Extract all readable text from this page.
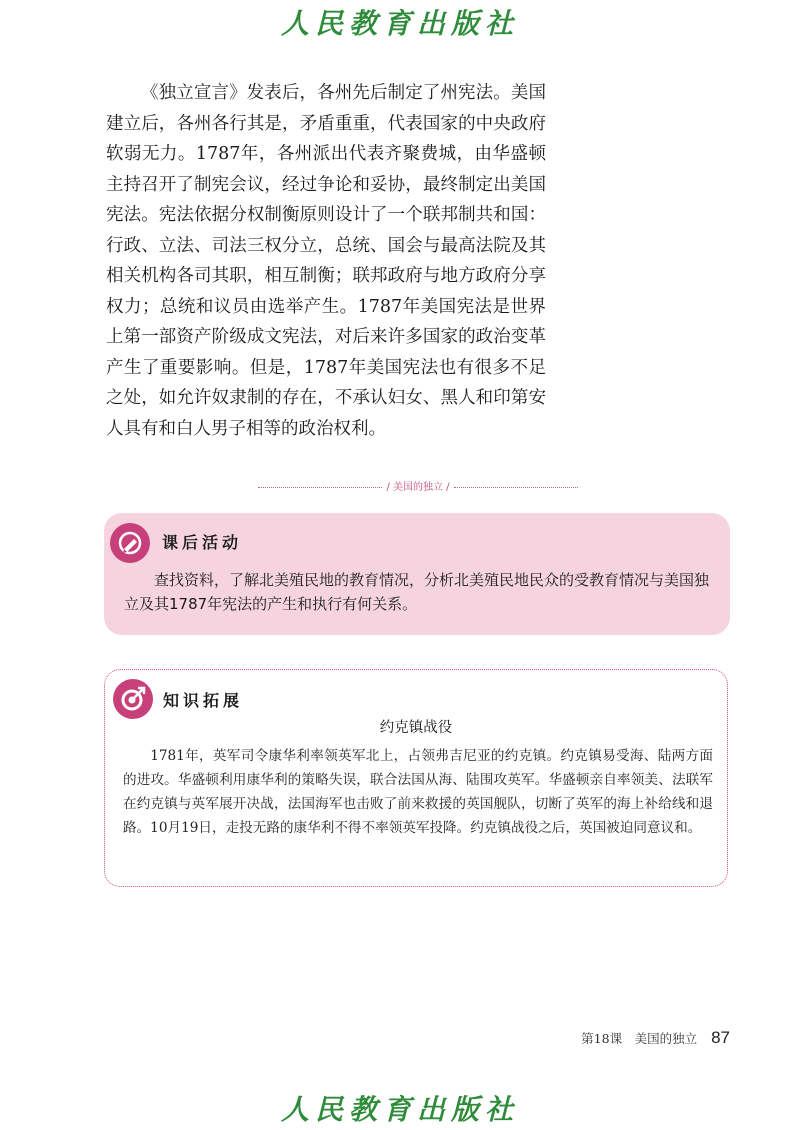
人民教育出版社

《独立宣言》发表后，各州先后制定了州宪法。美国建立后，各州各行其是，矛盾重重，代表国家的中央政府软弱无力。1787年，各州派出代表齐聚费城，由华盛顿主持召开了制宪会议，经过争论和妥协，最终制定出美国宪法。宪法依据分权制衡原则设计了一个联邦制共和国：行政、立法、司法三权分立，总统、国会与最高法院及其相关机构各司其职，相互制衡；联邦政府与地方政府分享权力；总统和议员由选举产生。1787年美国宪法是世界上第一部资产阶级成文宪法，对后来许多国家的政治变革产生了重要影响。但是，1787年美国宪法也有很多不足之处，如允许奴隶制的存在，不承认妇女、黑人和印第安人具有和白人男子相等的政治权利。

/ 美国的独立 /
课后活动

查找资料，了解北美殖民地的教育情况，分析北美殖民地民众的受教育情况与美国独立及其1787年宪法的产生和执行有何关系。

知识拓展
约克镇战役

1781年，英军司令康华利率领英军北上，占领弗吉尼亚的约克镇。约克镇易受海、陆两方面的进攻。华盛顿利用康华利的策略失误，联合法国从海、陆围攻英军。华盛顿亲自率领美、法联军在约克镇与英军展开决战，法国海军也击败了前来救援的英国舰队，切断了英军的海上补给线和退路。10月19日，走投无路的康华利不得不率领英军投降。约克镇战役之后，英国被迫同意议和。

第18课　美国的独立 87
人民教育出版社
